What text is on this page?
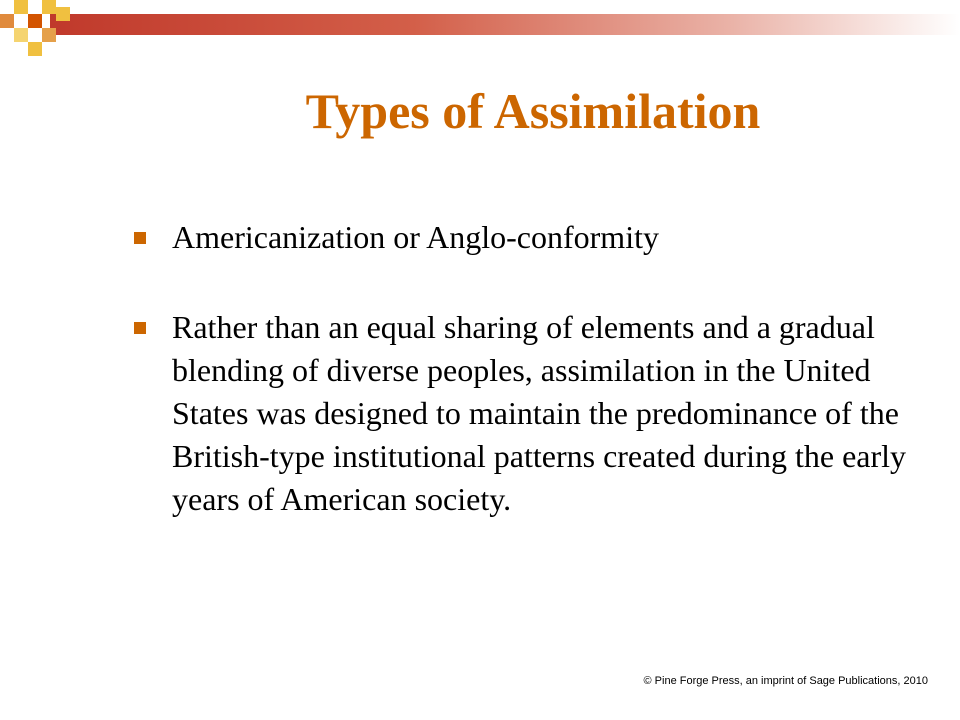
Types of Assimilation
Americanization or Anglo-conformity
Rather than an equal sharing of elements and a gradual blending of diverse peoples, assimilation in the United States was designed to maintain the predominance of the British-type institutional patterns created during the early years of American society.
© Pine Forge Press, an imprint of Sage Publications, 2010
